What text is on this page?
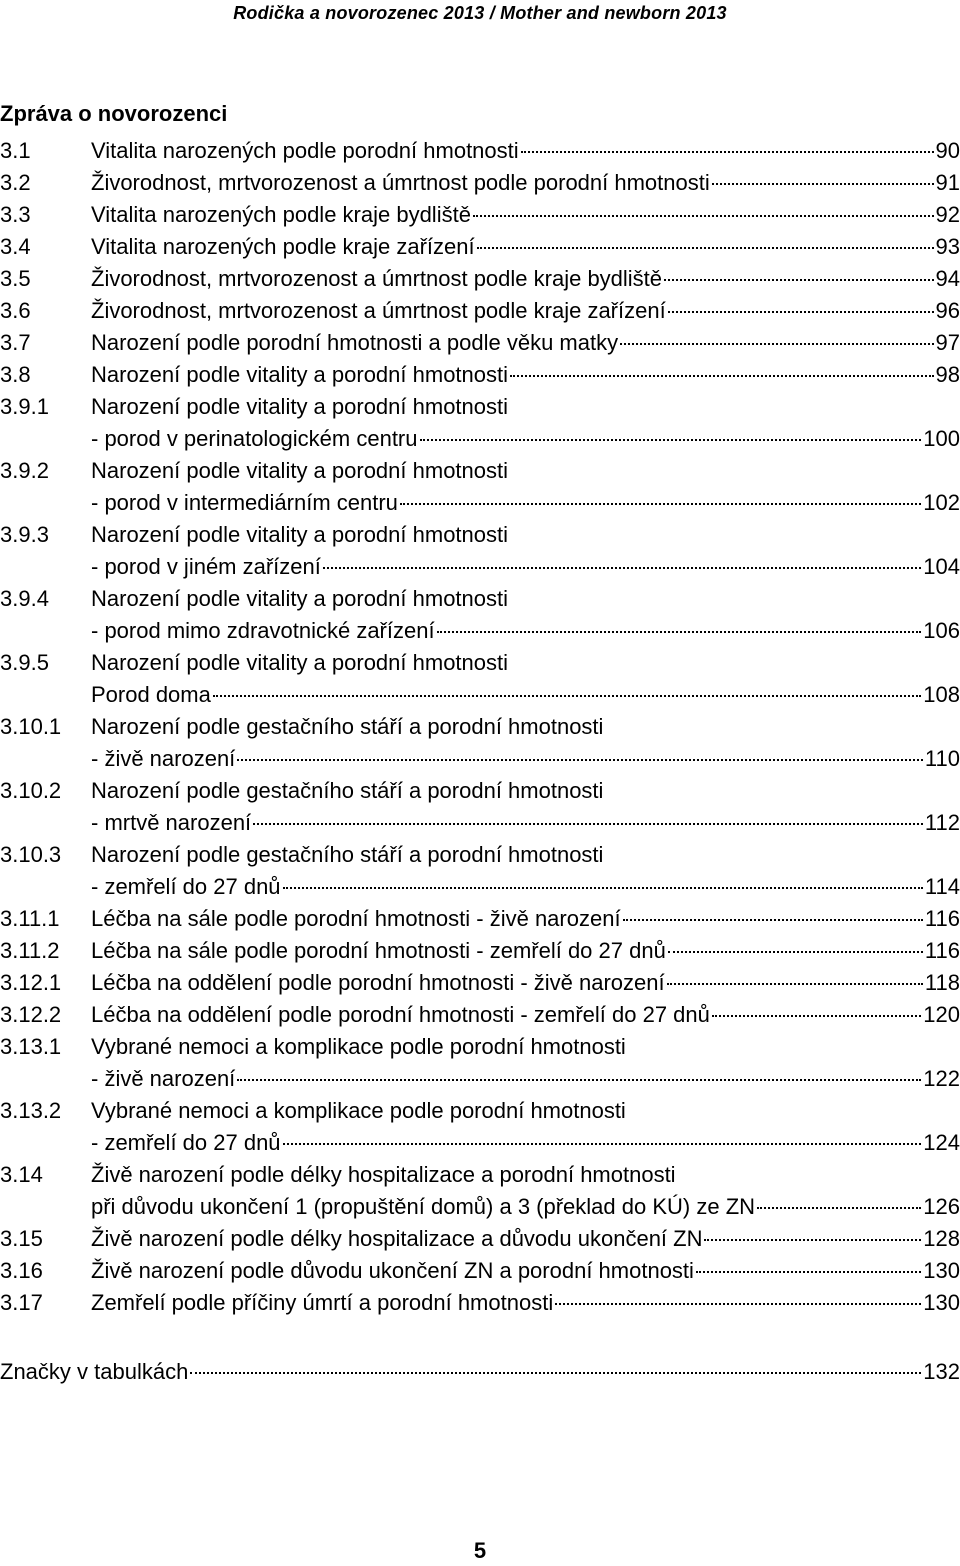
Rodička a novorozenec 2013 / Mother and newborn 2013
Zpráva o novorozenci
3.1	Vitalita narozených podle porodní hmotnosti	90
3.2	Živorodnost, mrtvorozenost a úmrtnost podle porodní hmotnosti	91
3.3	Vitalita narozených podle kraje bydliště	92
3.4	Vitalita narozených podle kraje zařízení	93
3.5	Živorodnost, mrtvorozenost a úmrtnost podle kraje bydliště	94
3.6	Živorodnost, mrtvorozenost a úmrtnost podle kraje zařízení	96
3.7	Narození podle porodní hmotnosti a podle věku matky	97
3.8	Narození podle vitality a porodní hmotnosti	98
3.9.1	Narození podle vitality a porodní hmotnosti
- porod v perinatologickém centru	100
3.9.2	Narození podle vitality a porodní hmotnosti
- porod v intermediárním centru	102
3.9.3	Narození podle vitality a porodní hmotnosti
- porod v jiném zařízení	104
3.9.4	Narození podle vitality a porodní hmotnosti
- porod mimo zdravotnické zařízení	106
3.9.5	Narození podle vitality a porodní hmotnosti
Porod doma	108
3.10.1	Narození podle gestačního stáří a porodní hmotnosti
- živě narození	110
3.10.2	Narození podle gestačního stáří a porodní hmotnosti
- mrtvě narození	112
3.10.3	Narození podle gestačního stáří a porodní hmotnosti
- zemřelí do 27 dnů	114
3.11.1	Léčba na sále podle porodní hmotnosti - živě narození	116
3.11.2	Léčba na sále podle porodní hmotnosti - zemřelí do 27 dnů	116
3.12.1	Léčba na oddělení podle porodní hmotnosti - živě narození	118
3.12.2	Léčba na oddělení podle porodní hmotnosti - zemřelí do 27 dnů	120
3.13.1	Vybrané nemoci a komplikace podle porodní hmotnosti
- živě narození	122
3.13.2	Vybrané nemoci a komplikace podle porodní hmotnosti
- zemřelí do 27 dnů	124
3.14	Živě narození podle délky hospitalizace a porodní hmotnosti
při důvodu ukončení 1 (propuštění domů) a 3 (překlad do KÚ) ze ZN	126
3.15	Živě narození podle délky hospitalizace a důvodu ukončení ZN	128
3.16	Živě narození podle důvodu ukončení ZN a porodní hmotnosti	130
3.17	Zemřelí podle příčiny úmrtí a porodní hmotnosti	130
Značky v tabulkách	132
5
